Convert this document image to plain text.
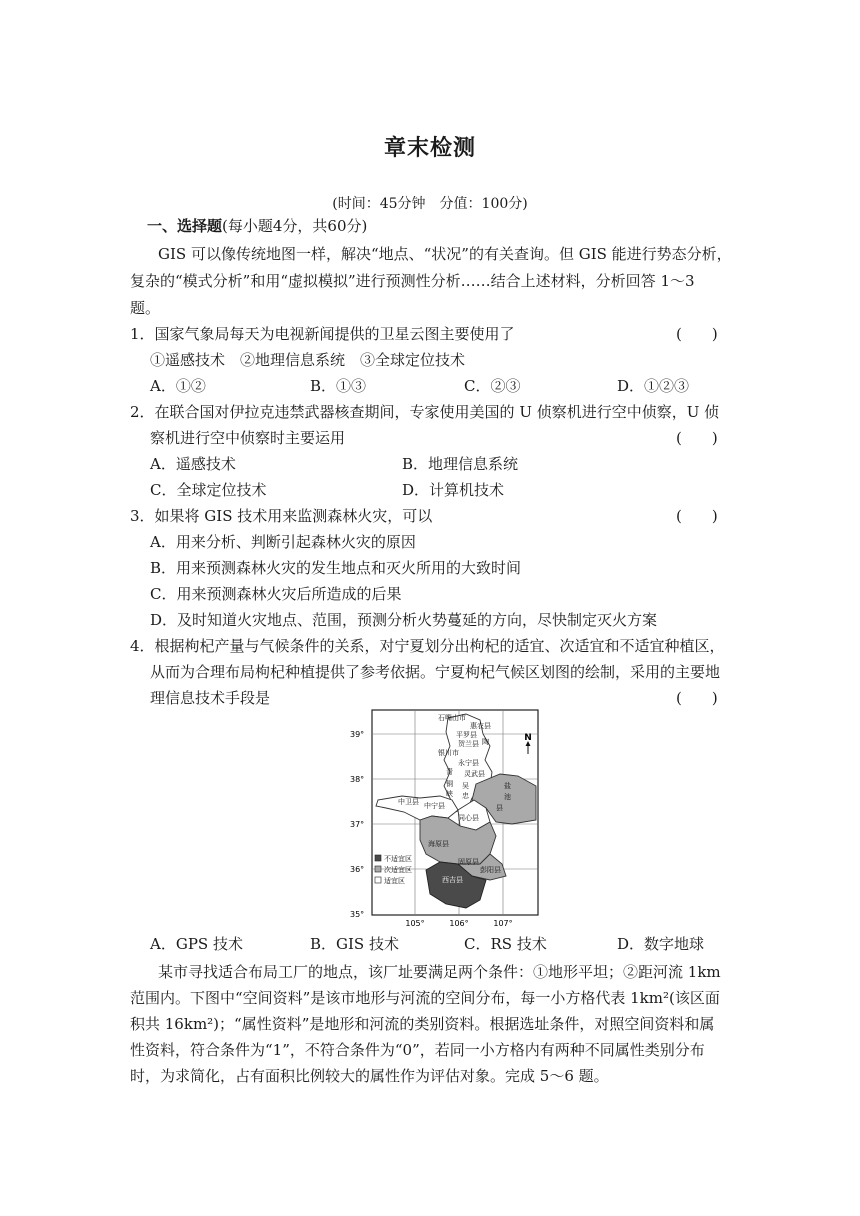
章末检测
(时间：45分钟　分值：100分)
一、选择题(每小题4分，共60分)
GIS 可以像传统地图一样，解决“地点、“状况”的有关查询。但 GIS 能进行势态分析，
复杂的“模式分析”和用“虚拟模拟”进行预测性分析……结合上述材料，分析回答 1～3
题。
1．国家气象局每天为电视新闻提供的卫星云图主要使用了	(　　)
①遥感技术　②地理信息系统　③全球定位技术
A．①②	B．①③	C．②③	D．①②③
2．在联合国对伊拉克违禁武器核查期间，专家使用美国的 U 侦察机进行空中侦察，U 侦
察机进行空中侦察时主要运用	(　　)
A．遥感技术	B．地理信息系统
C．全球定位技术	D．计算机技术
3．如果将 GIS 技术用来监测森林火灾，可以	(　　)
A．用来分析、判断引起森林火灾的原因
B．用来预测森林火灾的发生地点和灭火所用的大致时间
C．用来预测森林火灾后所造成的后果
D．及时知道火灾地点、范围，预测分析火势蔓延的方向，尽快制定灭火方案
4．根据枸杞产量与气候条件的关系，对宁夏划分出枸杞的适宜、次适宜和不适宜种植区，
从而为合理布局枸杞种植提供了参考依据。宁夏枸杞气候区划图的绘制，采用的主要地
理信息技术手段是	(　　)
N
39°
38°
37°
36°
35°
105°	106°	107°
石嘴山市
惠农县
平罗县
陶
贺兰县
银川市
永宁县
青 灵武县
盐
池
铜
峡
吴
忠
中卫县 中宁县
同心县
县
海原县
固原县
彭阳县
西吉县
不适宜区
次适宜区
适宜区
A．GPS 技术	B．GIS 技术	C．RS 技术	D．数字地球
某市寻找适合布局工厂的地点，该厂址要满足两个条件：①地形平坦；②距河流 1km
范围内。下图中“空间资料”是该市地形与河流的空间分布，每一小方格代表 1km²(该区面
积共 16km²)；“属性资料”是地形和河流的类别资料。根据选址条件，对照空间资料和属
性资料，符合条件为“1”，不符合条件为“0”，若同一小方格内有两种不同属性类别分布
时，为求简化，占有面积比例较大的属性作为评估对象。完成 5～6 题。
